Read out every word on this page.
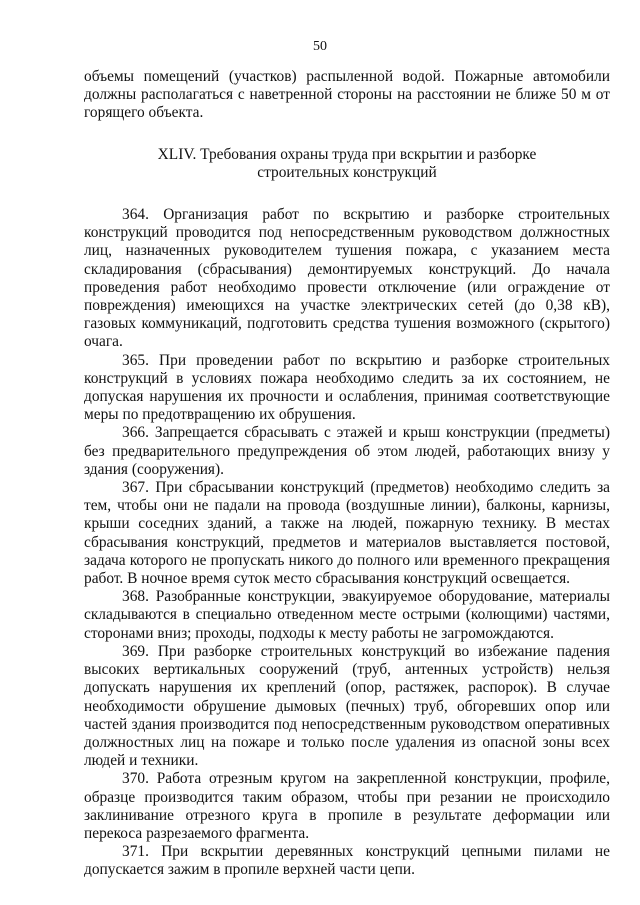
50

объемы помещений (участков) распыленной водой. Пожарные автомобили должны располагаться с наветренной стороны на расстоянии не ближе 50 м от горящего объекта.

XLIV. Требования охраны труда при вскрытии и разборке строительных конструкций

364. Организация работ по вскрытию и разборке строительных конструкций проводится под непосредственным руководством должностных лиц, назначенных руководителем тушения пожара, с указанием места складирования (сбрасывания) демонтируемых конструкций. До начала проведения работ необходимо провести отключение (или ограждение от повреждения) имеющихся на участке электрических сетей (до 0,38 кВ), газовых коммуникаций, подготовить средства тушения возможного (скрытого) очага.

365. При проведении работ по вскрытию и разборке строительных конструкций в условиях пожара необходимо следить за их состоянием, не допуская нарушения их прочности и ослабления, принимая соответствующие меры по предотвращению их обрушения.

366. Запрещается сбрасывать с этажей и крыш конструкции (предметы) без предварительного предупреждения об этом людей, работающих внизу у здания (сооружения).

367. При сбрасывании конструкций (предметов) необходимо следить за тем, чтобы они не падали на провода (воздушные линии), балконы, карнизы, крыши соседних зданий, а также на людей, пожарную технику. В местах сбрасывания конструкций, предметов и материалов выставляется постовой, задача которого не пропускать никого до полного или временного прекращения работ. В ночное время суток место сбрасывания конструкций освещается.

368. Разобранные конструкции, эвакуируемое оборудование, материалы складываются в специально отведенном месте острыми (колющими) частями, сторонами вниз; проходы, подходы к месту работы не загромождаются.

369. При разборке строительных конструкций во избежание падения высоких вертикальных сооружений (труб, антенных устройств) нельзя допускать нарушения их креплений (опор, растяжек, распорок). В случае необходимости обрушение дымовых (печных) труб, обгоревших опор или частей здания производится под непосредственным руководством оперативных должностных лиц на пожаре и только после удаления из опасной зоны всех людей и техники.

370. Работа отрезным кругом на закрепленной конструкции, профиле, образце производится таким образом, чтобы при резании не происходило заклинивание отрезного круга в пропиле в результате деформации или перекоса разрезаемого фрагмента.

371. При вскрытии деревянных конструкций цепными пилами не допускается зажим в пропиле верхней части цепи.
